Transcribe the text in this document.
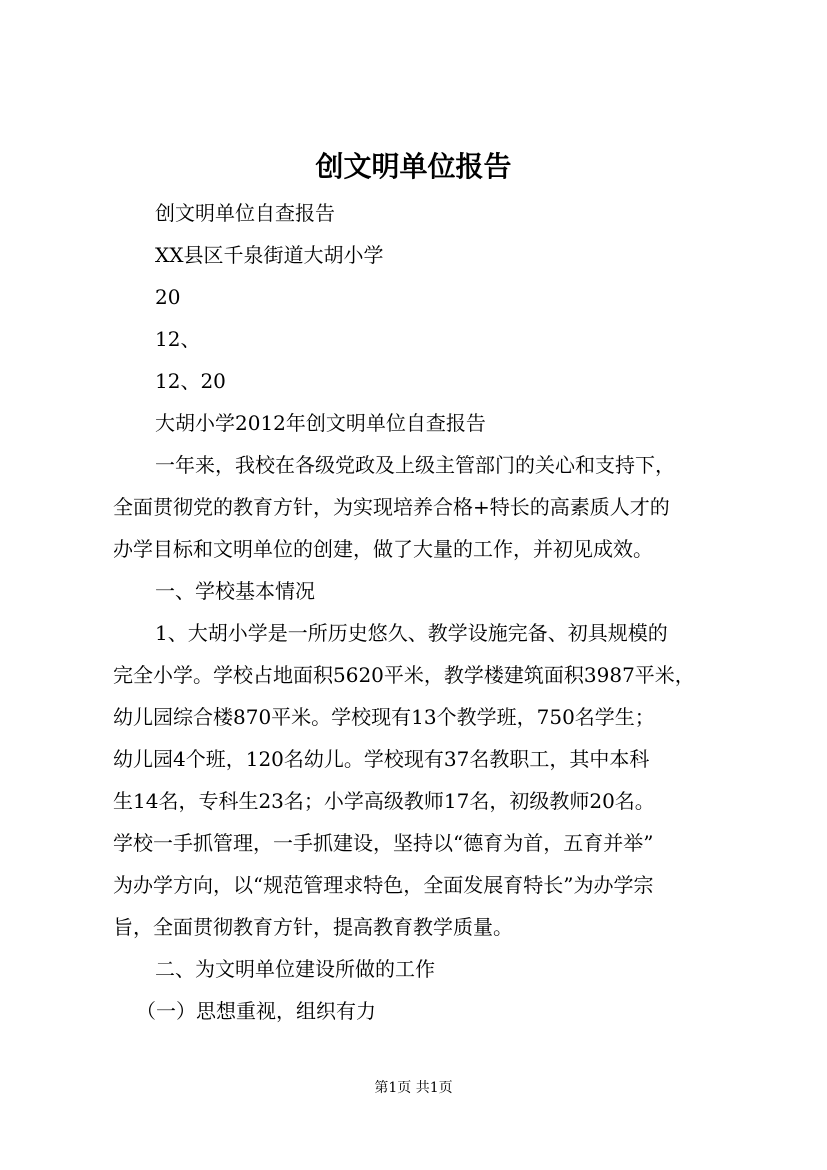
创文明单位报告
创文明单位自查报告
XX县区千泉街道大胡小学
20
12、
12、20
大胡小学2012年创文明单位自查报告
一年来，我校在各级党政及上级主管部门的关心和支持下，
全面贯彻党的教育方针，为实现培养合格+特长的高素质人才的
办学目标和文明单位的创建，做了大量的工作，并初见成效。
一、学校基本情况
1、大胡小学是一所历史悠久、教学设施完备、初具规模的
完全小学。学校占地面积5620平米，教学楼建筑面积3987平米，
幼儿园综合楼870平米。学校现有13个教学班，750名学生；
幼儿园4个班，120名幼儿。学校现有37名教职工，其中本科
生14名，专科生23名；小学高级教师17名，初级教师20名。
学校一手抓管理，一手抓建设，坚持以“德育为首，五育并举”
为办学方向，以“规范管理求特色，全面发展育特长”为办学宗
旨，全面贯彻教育方针，提高教育教学质量。
二、为文明单位建设所做的工作
（一）思想重视，组织有力
第1页 共1页
